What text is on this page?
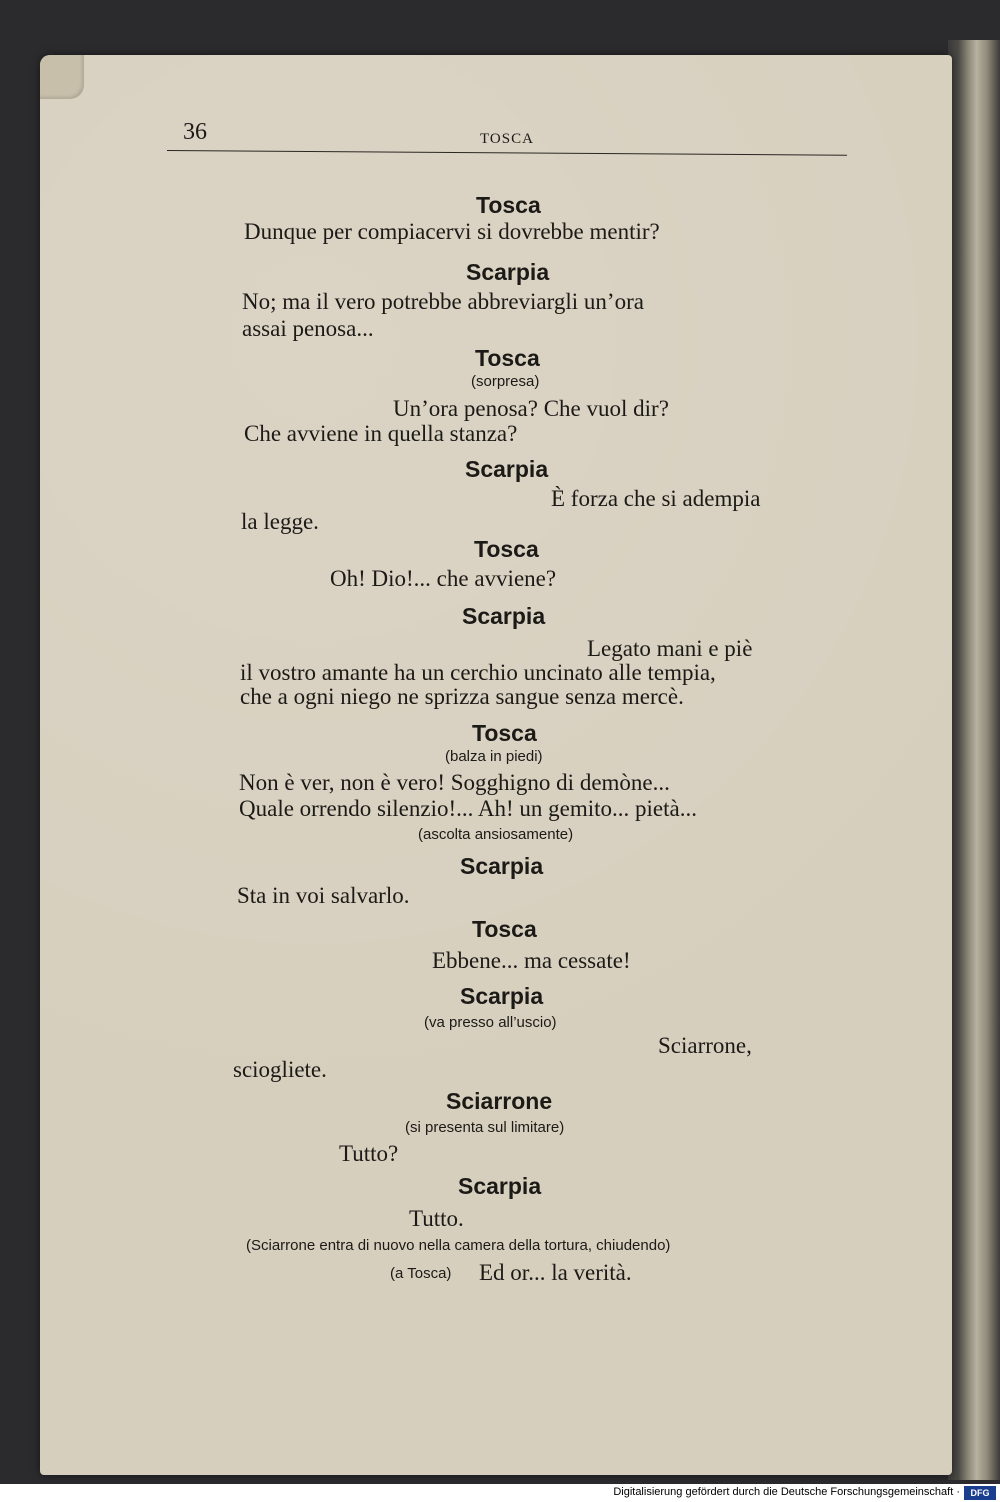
36	TOSCA
Tosca
Dunque per compiacervi si dovrebbe mentir?
Scarpia
No; ma il vero potrebbe abbreviargli un’ora
assai penosa...
Tosca
(sorpresa)
Un’ora penosa? Che vuol dir?
Che avviene in quella stanza?
Scarpia
È forza che si adempia
la legge.
Tosca
Oh! Dio!... che avviene?
Scarpia
Legato mani e piè
il vostro amante ha un cerchio uncinato alle tempia,
che a ogni niego ne sprizza sangue senza mercè.
Tosca
(balza in piedi)
Non è ver, non è vero! Sogghigno di demòne...
Quale orrendo silenzio!... Ah! un gemito... pietà...
(ascolta ansiosamente)
Scarpia
Sta in voi salvarlo.
Tosca
Ebbene... ma cessate!
Scarpia
(va presso all’uscio)
Sciarrone,
sciogliete.
Sciarrone
(si presenta sul limitare)
Tutto?
Scarpia
Tutto.
(Sciarrone entra di nuovo nella camera della tortura, chiudendo)
(a Tosca) Ed or... la verità.
Digitalisierung gefördert durch die Deutsche Forschungsgemeinschaft ·	DFG
